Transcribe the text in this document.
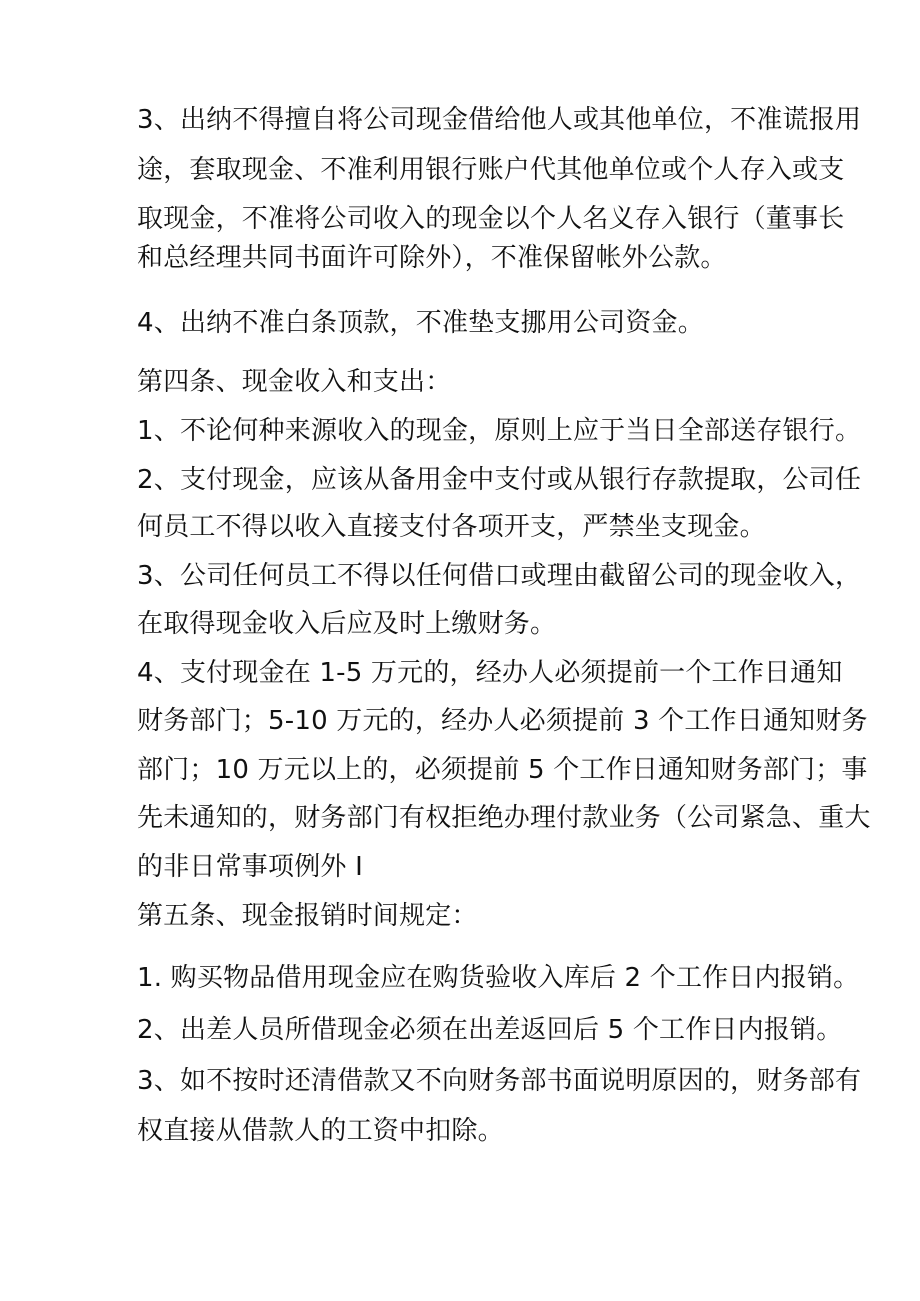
3、出纳不得擅自将公司现金借给他人或其他单位，不准谎报用

途，套取现金、不准利用银行账户代其他单位或个人存入或支

取现金，不准将公司收入的现金以个人名义存入银行（董事长

和总经理共同书面许可除外），不准保留帐外公款。

4、出纳不准白条顶款，不准垫支挪用公司资金。

第四条、现金收入和支出：

1、不论何种来源收入的现金，原则上应于当日全部送存银行。

2、支付现金，应该从备用金中支付或从银行存款提取，公司任

何员工不得以收入直接支付各项开支，严禁坐支现金。

3、公司任何员工不得以任何借口或理由截留公司的现金收入，

在取得现金收入后应及时上缴财务。

4、支付现金在 1-5 万元的，经办人必须提前一个工作日通知

财务部门；5-10 万元的，经办人必须提前 3 个工作日通知财务

部门；10 万元以上的，必须提前 5 个工作日通知财务部门；事

先未通知的，财务部门有权拒绝办理付款业务（公司紧急、重大

的非日常事项例外 I

第五条、现金报销时间规定：

1. 购买物品借用现金应在购货验收入库后 2 个工作日内报销。

2、出差人员所借现金必须在出差返回后 5 个工作日内报销。

3、如不按时还清借款又不向财务部书面说明原因的，财务部有

权直接从借款人的工资中扣除。
